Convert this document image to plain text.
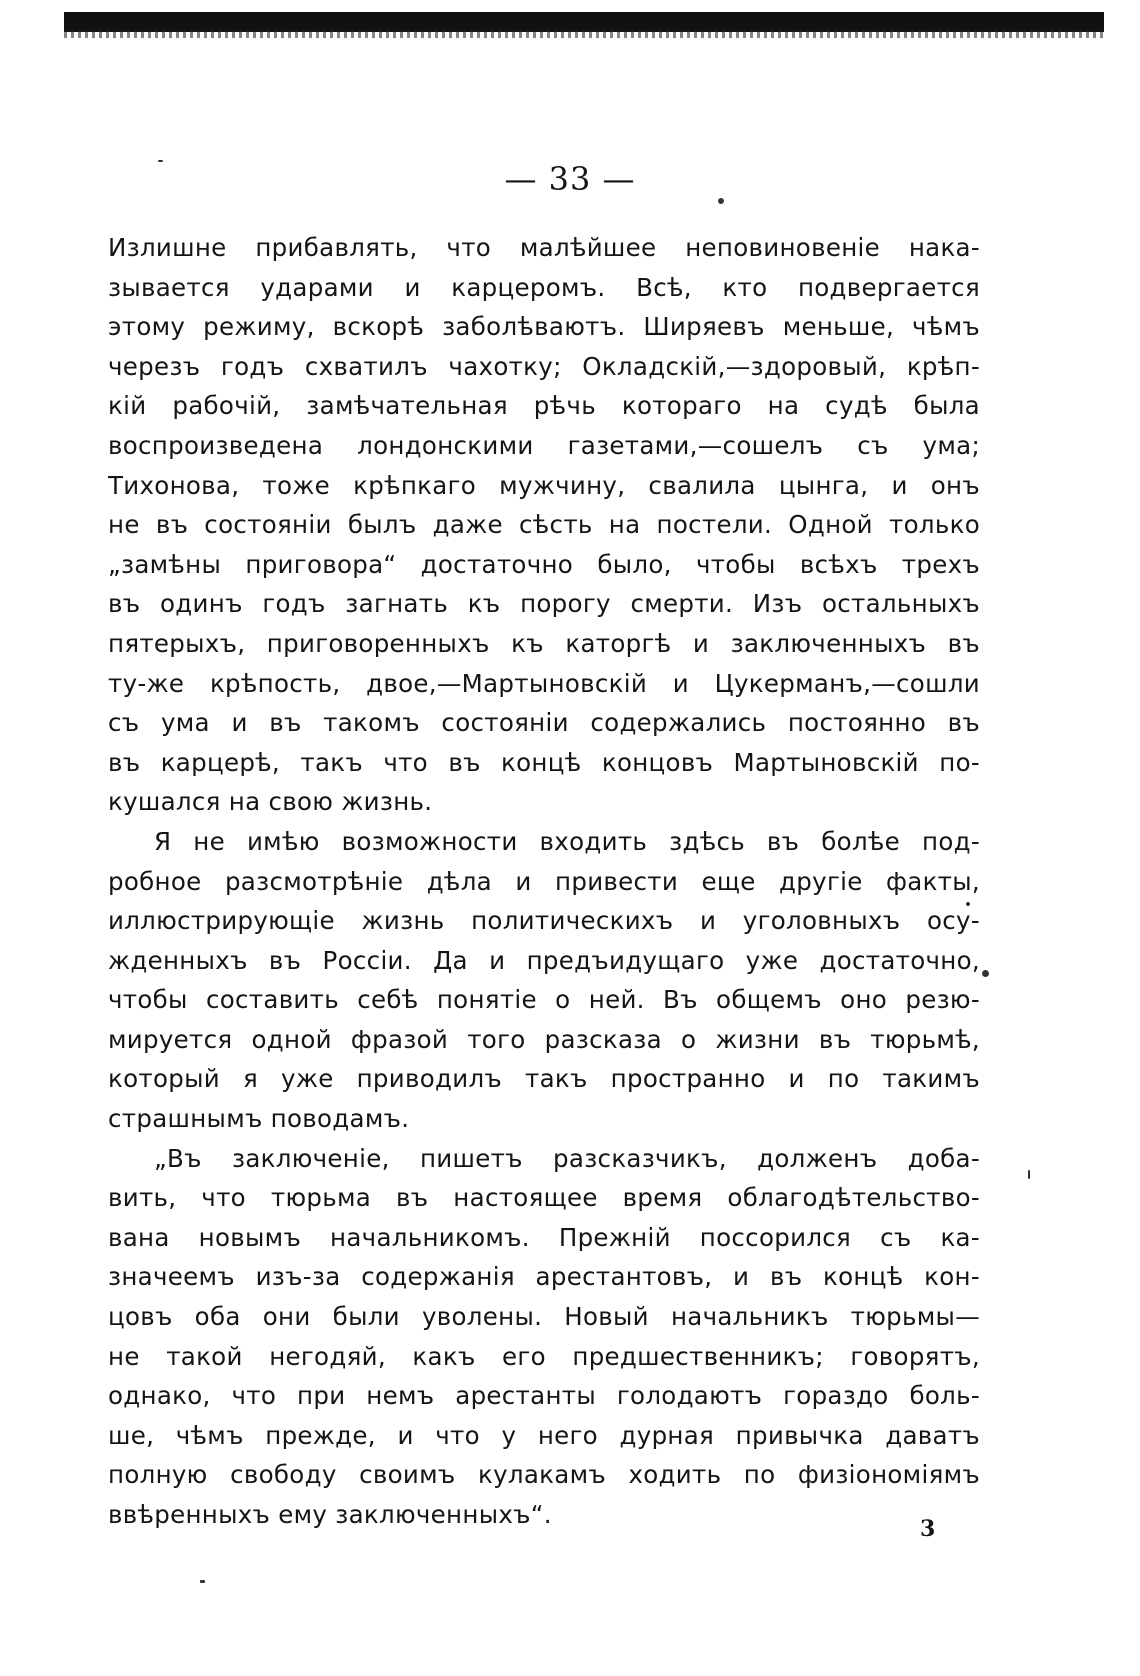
— 33 —
Излишне прибавлять, что малѣйшее неповиновеніе нака-
зывается ударами и карцеромъ. Всѣ, кто подвергается
этому режиму, вскорѣ заболѣваютъ. Ширяевъ меньше, чѣмъ
черезъ годъ схватилъ чахотку; Окладскій,—здоровый, крѣп-
кій рабочій, замѣчательная рѣчь котораго на судѣ была
воспроизведена лондонскими газетами,—сошелъ съ ума;
Тихонова, тоже крѣпкаго мужчину, свалила цынга, и онъ
не въ состояніи былъ даже сѣсть на постели. Одной только
„замѣны приговора“ достаточно было, чтобы всѣхъ трехъ
въ одинъ годъ загнать къ порогу смерти. Изъ остальныхъ
пятерыхъ, приговоренныхъ къ каторгѣ и заключенныхъ въ
ту-же крѣпость, двое,—Мартыновскій и Цукерманъ,—сошли
съ ума и въ такомъ состояніи содержались постоянно въ
въ карцерѣ, такъ что въ концѣ концовъ Мартыновскій по-
кушался на свою жизнь.
Я не имѣю возможности входить здѣсь въ болѣе под-
робное разсмотрѣніе дѣла и привести еще другіе факты,
иллюстрирующіе жизнь политическихъ и уголовныхъ осу-
жденныхъ въ Россіи. Да и предъидущаго уже достаточно,
чтобы составить себѣ понятіе о ней. Въ общемъ оно резю-
мируется одной фразой того разсказа о жизни въ тюрьмѣ,
который я уже приводилъ такъ пространно и по такимъ
страшнымъ поводамъ.
„Въ заключеніе, пишетъ разсказчикъ, долженъ доба-
вить, что тюрьма въ настоящее время облагодѣтельство-
вана новымъ начальникомъ. Прежній поссорился съ ка-
значеемъ изъ-за содержанія арестантовъ, и въ концѣ кон-
цовъ оба они были уволены. Новый начальникъ тюрьмы—
не такой негодяй, какъ его предшественникъ; говорятъ,
однако, что при немъ арестанты голодаютъ гораздо боль-
ше, чѣмъ прежде, и что у него дурная привычка даватъ
полную свободу своимъ кулакамъ ходить по физіономіямъ
ввѣренныхъ ему заключенныхъ“.	3
